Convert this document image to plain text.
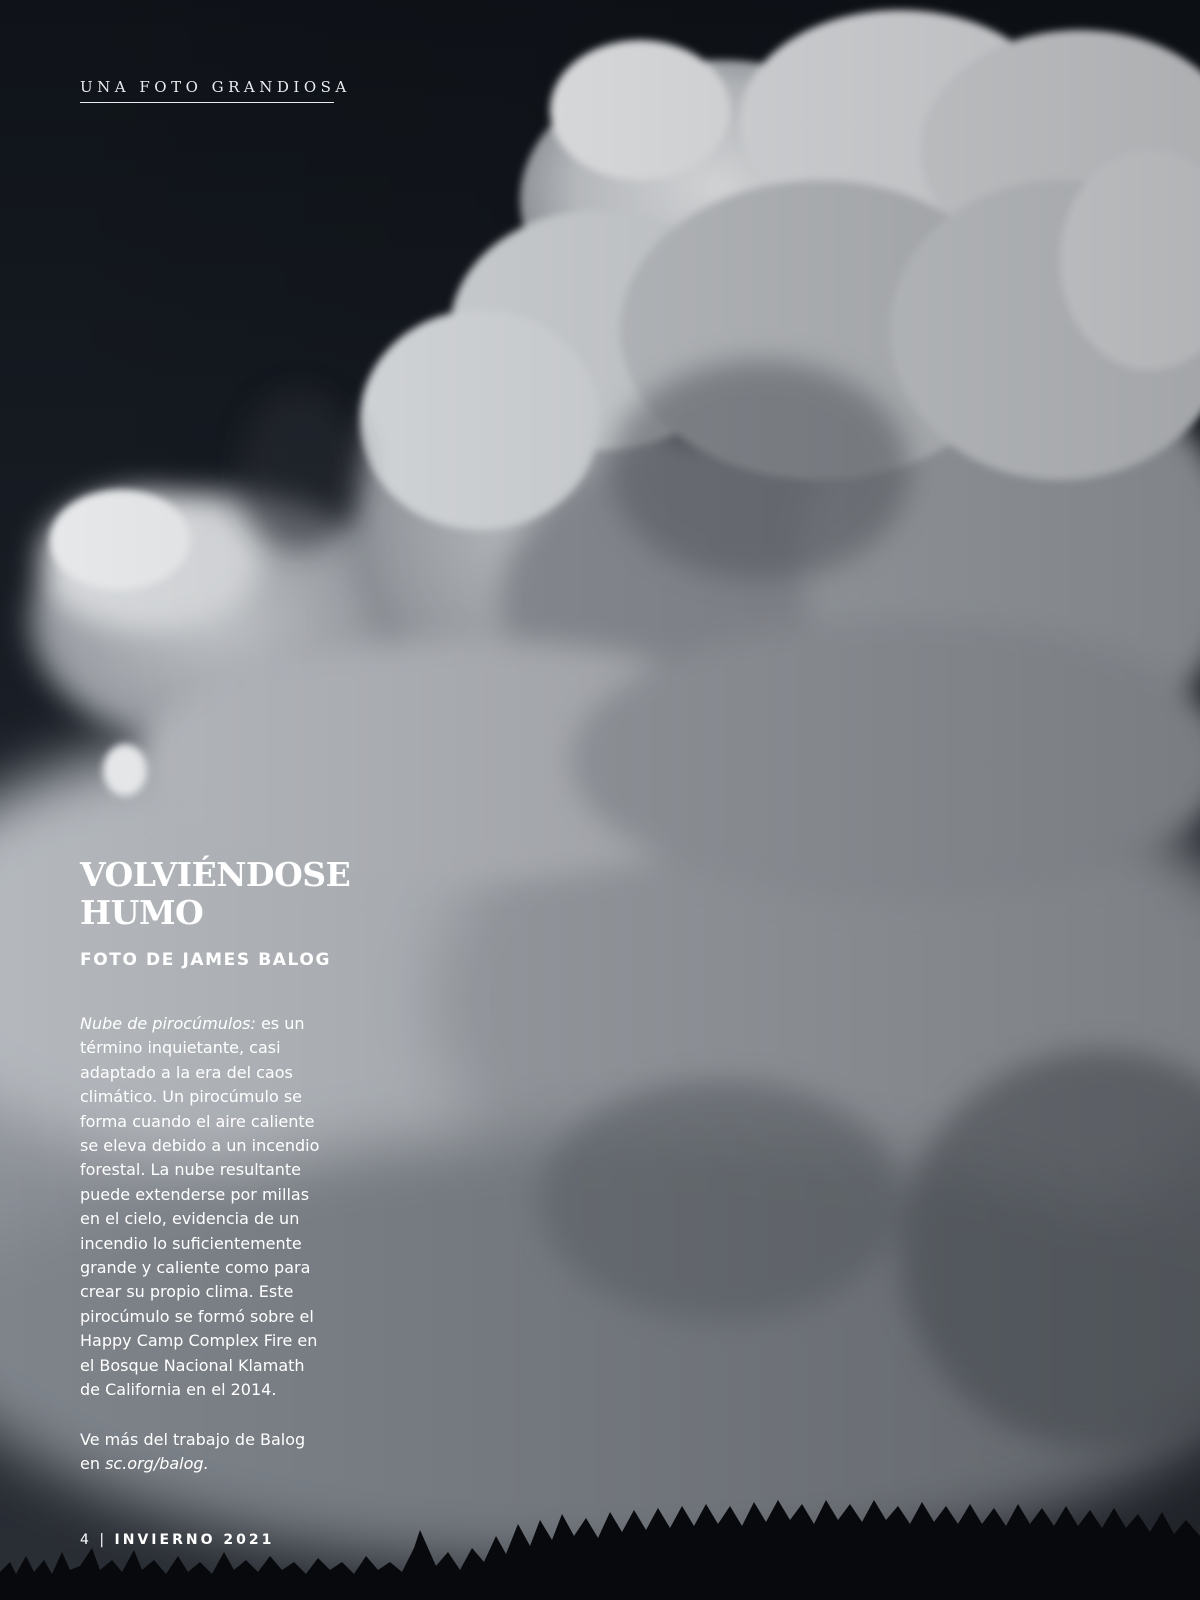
UNA FOTO GRANDIOSA
VOLVIÉNDOSE
HUMO
FOTO DE JAMES BALOG

Nube de pirocúmulos: es un término inquietante, casi adaptado a la era del caos climático. Un pirocúmulo se forma cuando el aire caliente se eleva debido a un incendio forestal. La nube resultante puede extenderse por millas en el cielo, evidencia de un incendio lo suficientemente grande y caliente como para crear su propio clima. Este pirocúmulo se formó sobre el Happy Camp Complex Fire en el Bosque Nacional Klamath de California en el 2014.

Ve más del trabajo de Balog en sc.org/balog.

4 | INVIERNO 2021
